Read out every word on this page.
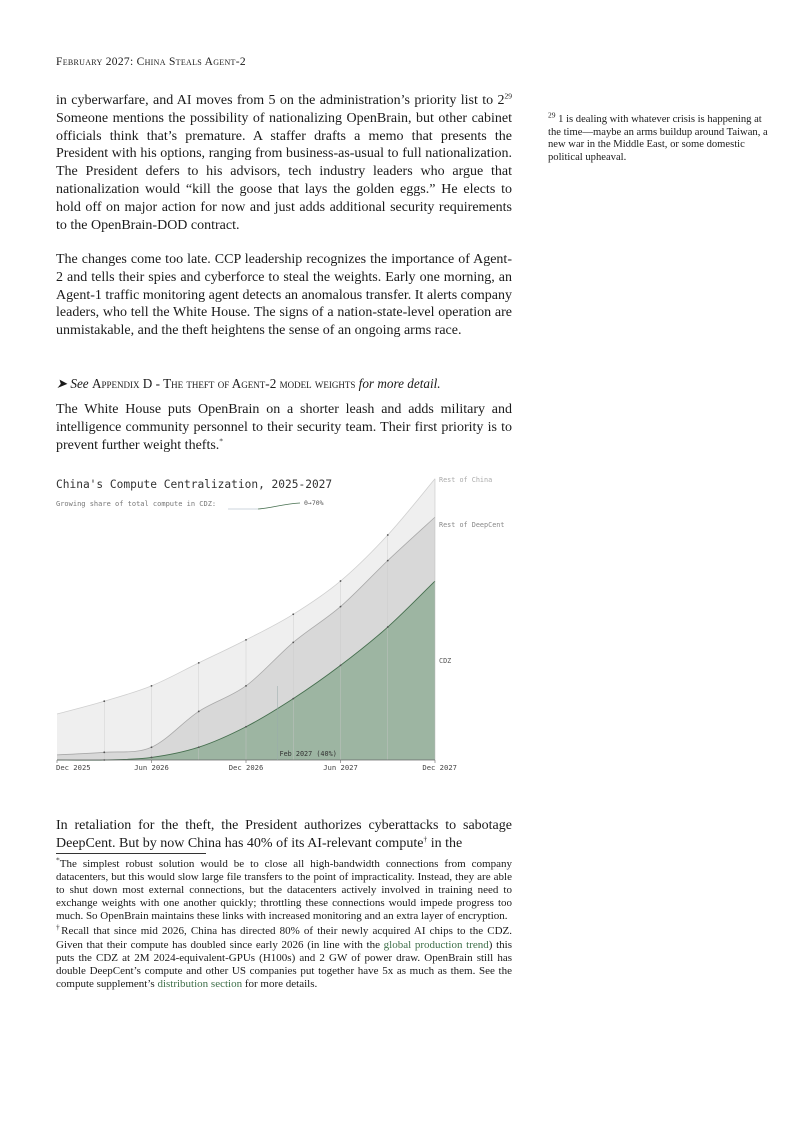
February 2027: China Steals Agent-2

in cyberwarfare, and AI moves from 5 on the administration’s priority list to $2^{29}$ Someone mentions the possibility of nationalizing OpenBrain, but other cabinet officials think that’s premature. A staffer drafts a memo that presents the President with his options, ranging from business-as-usual to full nationalization. The President defers to his advisors, tech industry leaders who argue that nationalization would “kill the goose that lays the golden eggs.” He elects to hold off on major action for now and just adds additional security requirements to the OpenBrain-DOD contract.

The changes come too late. CCP leadership recognizes the importance of Agent-2 and tells their spies and cyberforce to steal the weights. Early one morning, an Agent-1 traffic monitoring agent detects an anomalous transfer. It alerts company leaders, who tell the White House. The signs of a nation-state-level operation are unmistakable, and the theft heightens the sense of an ongoing arms race.

➤ See Appendix D - The theft of Agent-2 model weights for more detail.

The White House puts OpenBrain on a shorter leash and adds military and intelligence community personnel to their security team. Their first priority is to prevent further weight thefts.*

Dec 2025	Jun 2026	Dec 2026	Jun 2027	Dec 2027
Feb 2027 (40%)
Rest of China
Rest of DeepCent
CDZ
China's Compute Centralization, 2025-2027
Growing share of total compute in CDZ:	0→70%

In retaliation for the theft, the President authorizes cyberattacks to sabotage DeepCent. But by now China has 40% of its AI-relevant compute† in the

$^{29}$ 1 is dealing with whatever crisis is happening at the time—maybe an arms buildup around Taiwan, a new war in the Middle East, or some domestic political upheaval.

*The simplest robust solution would be to close all high-bandwidth connections from company datacenters, but this would slow large file transfers to the point of impracticality. Instead, they are able to shut down most external connections, but the datacenters actively involved in training need to exchange weights with one another quickly; throttling these connections would impede progress too much. So OpenBrain maintains these links with increased monitoring and an extra layer of encryption.

†Recall that since mid 2026, China has directed 80% of their newly acquired AI chips to the CDZ. Given that their compute has doubled since early 2026 (in line with the global production trend) this puts the CDZ at 2M 2024-equivalent-GPUs (H100s) and 2 GW of power draw. OpenBrain still has double DeepCent’s compute and other US companies put together have 5x as much as them. See the compute supplement’s distribution section for more details.
